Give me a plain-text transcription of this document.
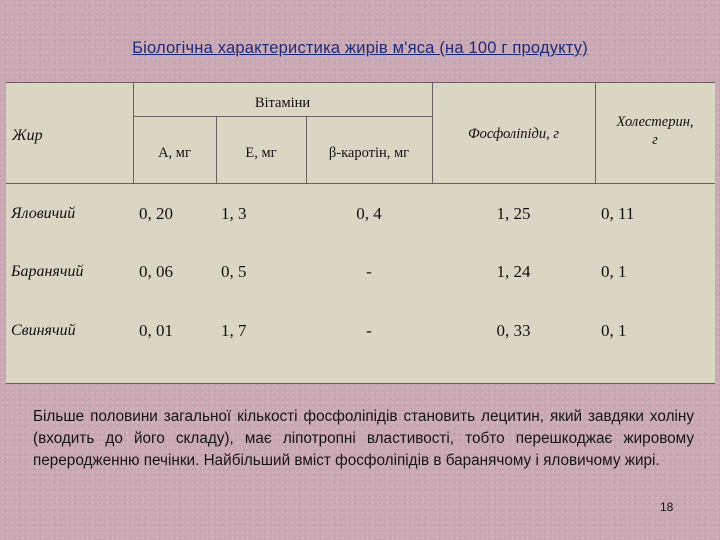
Біологічна характеристика жирів м'яса (на 100 г продукту)
Жир
Вітаміни
А, мг	Е, мг	β-каротін, мг
Фосфоліпіди, г
Холестерин,
г
Яловичий	0, 20	1, 3	0, 4	1, 25	0, 11
Баранячий	0, 06	0, 5	-	1, 24	0, 1
Свинячий	0, 01	1, 7	-	0, 33	0, 1
Більше половини загальної кількості фосфоліпідів становить лецитин, який завдяки холіну (входить до його складу), має ліпотропні властивості, тобто перешкоджає жировому переродженню печінки. Найбільший вміст фосфоліпідів в баранячому і яловичому жирі.
18
